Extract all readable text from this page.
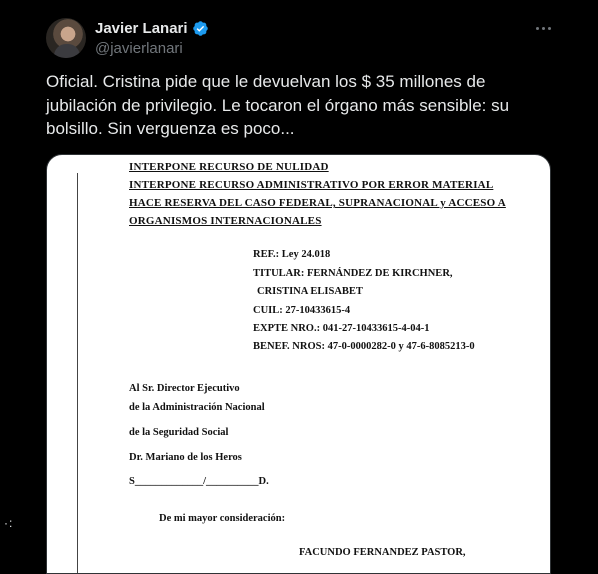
Javier Lanari
@javierlanari
Oficial. Cristina pide que le devuelvan los $ 35 millones de jubilación de privilegio. Le tocaron el órgano más sensible: su bolsillo. Sin verguenza es poco...
INTERPONE RECURSO DE NULIDAD
INTERPONE RECURSO ADMINISTRATIVO POR ERROR MATERIAL
HACE RESERVA DEL CASO FEDERAL, SUPRANACIONAL y ACCESO A
ORGANISMOS INTERNACIONALES
REF.: Ley 24.018
TITULAR: FERNÁNDEZ DE KIRCHNER,
CRISTINA ELISABET
CUIL: 27-10433615-4
EXPTE NRO.: 041-27-10433615-4-04-1
BENEF. NROS: 47-0-0000282-0 y 47-6-8085213-0
Al Sr. Director Ejecutivo
de la Administración Nacional
de la Seguridad Social
Dr. Mariano de los Heros
S_____________/__________D.
De mi mayor consideración:
FACUNDO FERNANDEZ PASTOR,
·:
